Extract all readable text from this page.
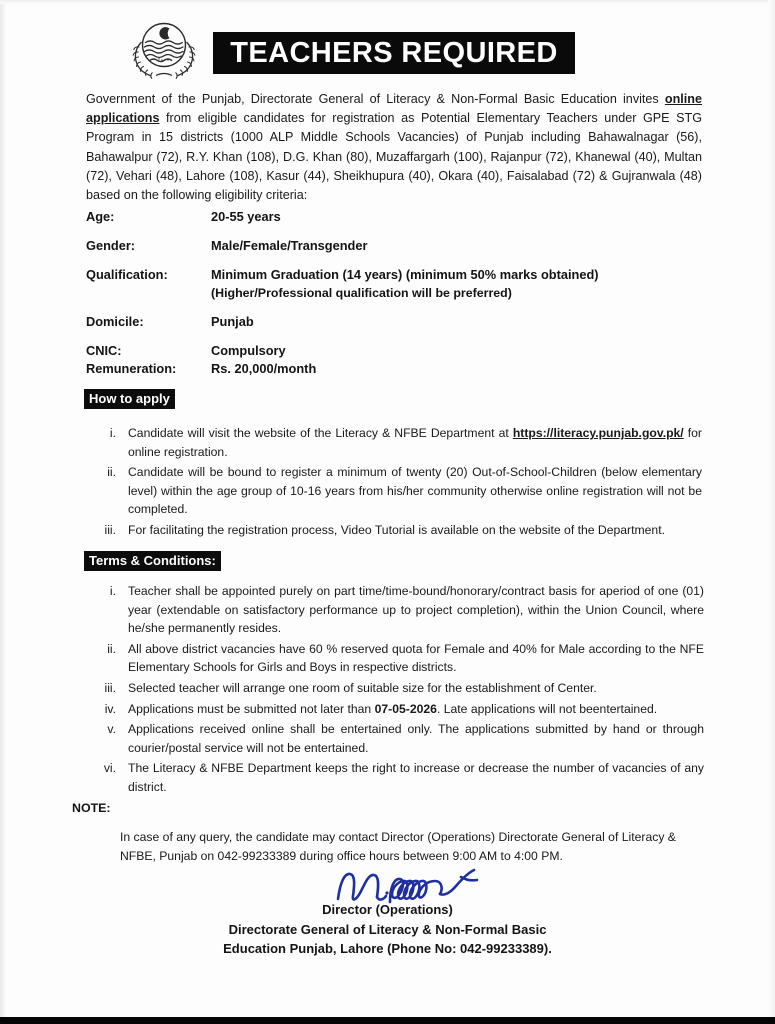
TEACHERS REQUIRED
Government of the Punjab, Directorate General of Literacy & Non-Formal Basic Education invites online applications from eligible candidates for registration as Potential Elementary Teachers under GPE STG Program in 15 districts (1000 ALP Middle Schools Vacancies) of Punjab including Bahawalnagar (56), Bahawalpur (72), R.Y. Khan (108), D.G. Khan (80), Muzaffargarh (100), Rajanpur (72), Khanewal (40), Multan (72), Vehari (48), Lahore (108), Kasur (44), Sheikhupura (40), Okara (40), Faisalabad (72) & Gujranwala (48) based on the following eligibility criteria:
Age:	20-55 years
Gender:	Male/Female/Transgender
Qualification:	Minimum Graduation (14 years) (minimum 50% marks obtained)
(Higher/Professional qualification will be preferred)
Domicile:	Punjab
CNIC:	Compulsory
Remuneration:	Rs. 20,000/month
How to apply
i. Candidate will visit the website of the Literacy & NFBE Department at https://literacy.punjab.gov.pk/ for online registration.
ii. Candidate will be bound to register a minimum of twenty (20) Out-of-School-Children (below elementary level) within the age group of 10-16 years from his/her community otherwise online registration will not be completed.
iii. For facilitating the registration process, Video Tutorial is available on the website of the Department.
Terms & Conditions:
i. Teacher shall be appointed purely on part time/time-bound/honorary/contract basis for aperiod of one (01) year (extendable on satisfactory performance up to project completion), within the Union Council, where he/she permanently resides.
ii. All above district vacancies have 60 % reserved quota for Female and 40% for Male according to the NFE Elementary Schools for Girls and Boys in respective districts.
iii. Selected teacher will arrange one room of suitable size for the establishment of Center.
iv. Applications must be submitted not later than 07-05-2026. Late applications will not beentertained.
v. Applications received online shall be entertained only. The applications submitted by hand or through courier/postal service will not be entertained.
vi. The Literacy & NFBE Department keeps the right to increase or decrease the number of vacancies of any district.
NOTE:
In case of any query, the candidate may contact Director (Operations) Directorate General of Literacy & NFBE, Punjab on 042-99233389 during office hours between 9:00 AM to 4:00 PM.
Director (Operations)
Directorate General of Literacy & Non-Formal Basic
Education Punjab, Lahore (Phone No: 042-99233389).
